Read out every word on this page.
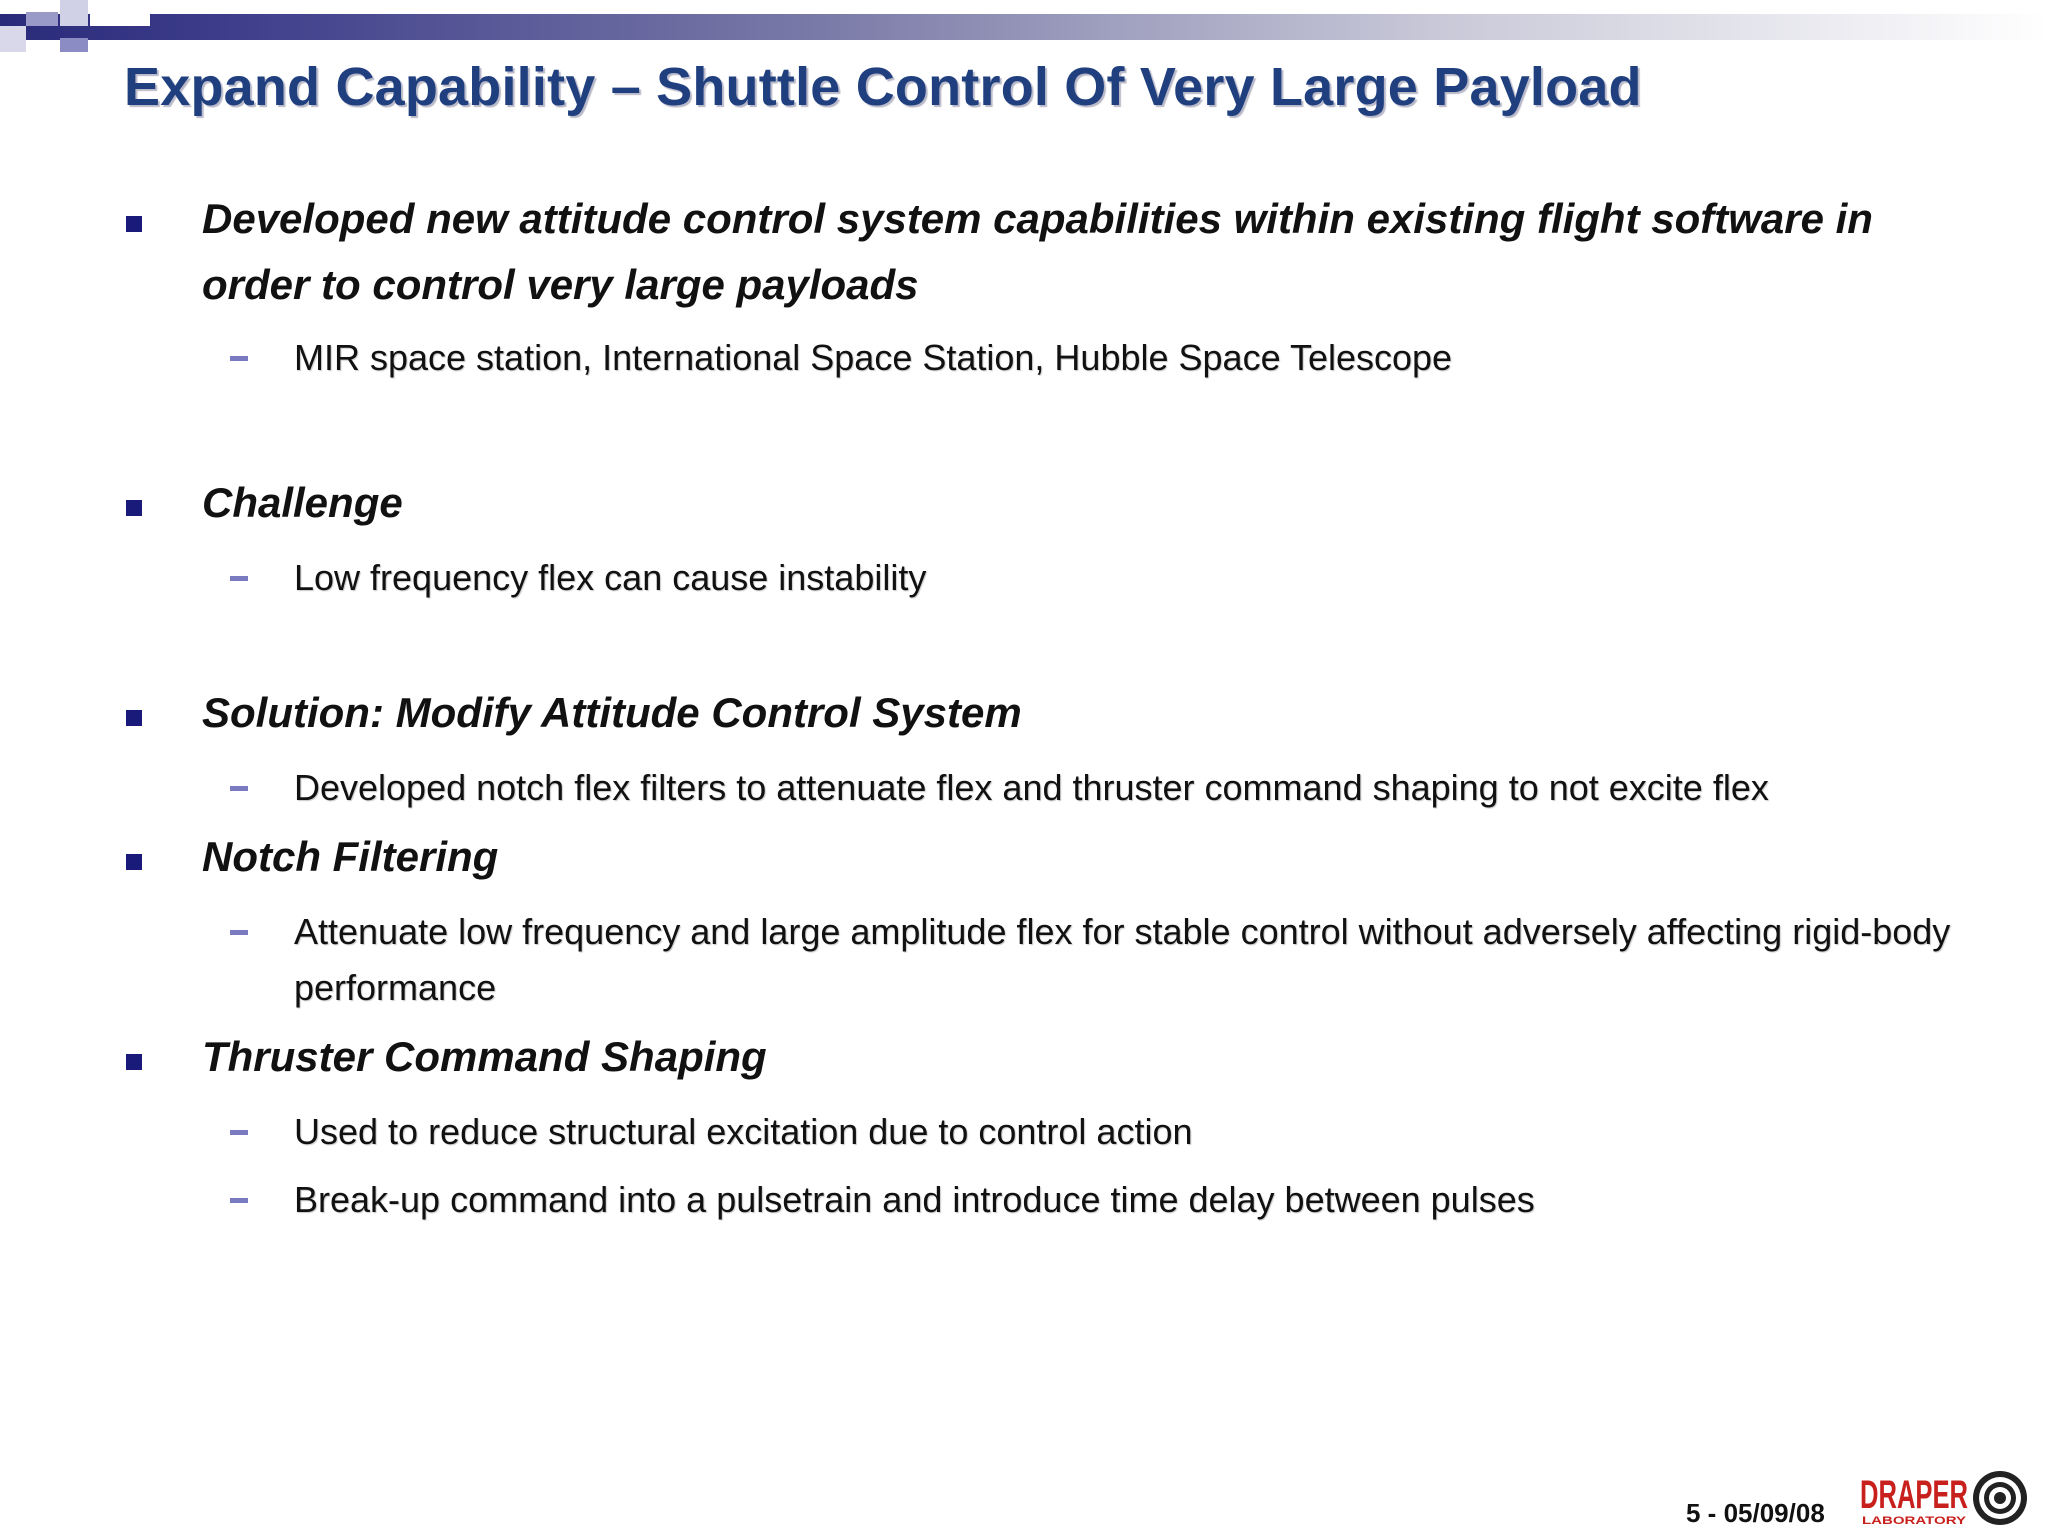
Expand Capability – Shuttle Control Of Very Large Payload
Developed new attitude control system capabilities within existing flight software in order to control very large payloads
MIR space station, International Space Station, Hubble Space Telescope
Challenge
Low frequency flex can cause instability
Solution: Modify Attitude Control System
Developed notch flex filters to attenuate flex and thruster command shaping to not excite flex
Notch Filtering
Attenuate low frequency and large amplitude flex for stable control without adversely affecting rigid-body performance
Thruster Command Shaping
Used to reduce structural excitation due to control action
Break-up command into a pulsetrain and introduce time delay between pulses
5 - 05/09/08 DRAPER
LABORATORY
